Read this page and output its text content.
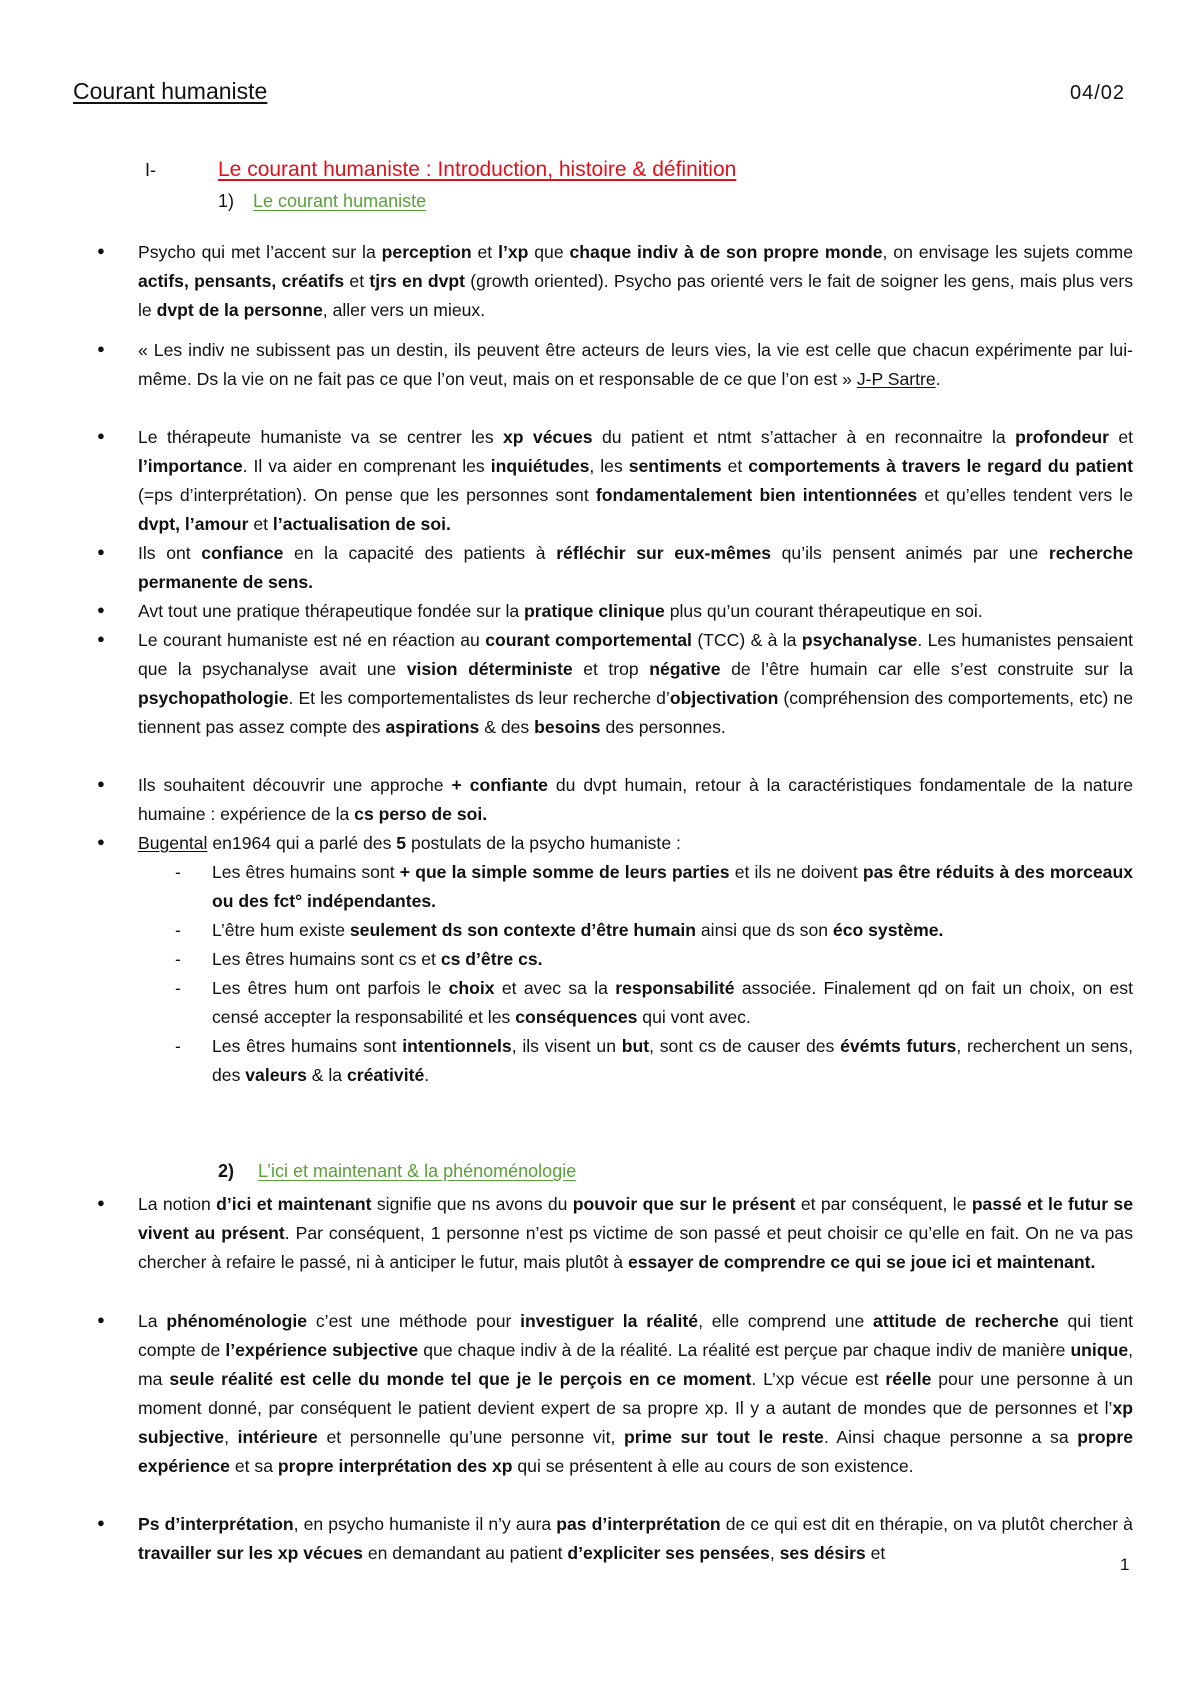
Courant humaniste	04/02
I-	Le courant humaniste : Introduction, histoire & définition
1) Le courant humaniste
●

Psycho qui met l’accent sur la perception et l’xp que chaque indiv à de son propre monde, on envisage les sujets comme actifs, pensants, créatifs et tjrs en dvpt (growth oriented). Psycho pas orienté vers le fait de soigner les gens, mais plus vers le dvpt de la personne, aller vers un mieux.

●

« Les indiv ne subissent pas un destin, ils peuvent être acteurs de leurs vies, la vie est celle que chacun expérimente par lui-même. Ds la vie on ne fait pas ce que l’on veut, mais on et responsable de ce que l’on est » J-P Sartre.

●

Le thérapeute humaniste va se centrer les xp vécues du patient et ntmt s’attacher à en reconnaitre la profondeur et l’importance. Il va aider en comprenant les inquiétudes, les sentiments et comportements à travers le regard du patient (=ps d’interprétation). On pense que les personnes sont fondamentalement bien intentionnées et qu’elles tendent vers le dvpt, l’amour et l’actualisation de soi.

●

Ils ont confiance en la capacité des patients à réfléchir sur eux-mêmes qu’ils pensent animés par une recherche permanente de sens.

●

Avt tout une pratique thérapeutique fondée sur la pratique clinique plus qu’un courant thérapeutique en soi.

●

Le courant humaniste est né en réaction au courant comportemental (TCC) & à la psychanalyse. Les humanistes pensaient que la psychanalyse avait une vision déterministe et trop négative de l’être humain car elle s’est construite sur la psychopathologie. Et les comportementalistes ds leur recherche d’objectivation (compréhension des comportements, etc) ne tiennent pas assez compte des aspirations & des besoins des personnes.

●

Ils souhaitent découvrir une approche + confiante du dvpt humain, retour à la caractéristiques fondamentale de la nature humaine : expérience de la cs perso de soi.

●

Bugental en1964 qui a parlé des 5 postulats de la psycho humaniste :

- Les êtres humains sont + que la simple somme de leurs parties et ils ne doivent pas être réduits à des morceaux ou des fct° indépendantes.

- L’être hum existe seulement ds son contexte d’être humain ainsi que ds son éco système.

- Les êtres humains sont cs et cs d’être cs.

- Les êtres hum ont parfois le choix et avec sa la responsabilité associée. Finalement qd on fait un choix, on est censé accepter la responsabilité et les conséquences qui vont avec.

- Les êtres humains sont intentionnels, ils visent un but, sont cs de causer des évémts futurs, recherchent un sens, des valeurs & la créativité.

2) L’ici et maintenant & la phénoménologie
●

La notion d’ici et maintenant signifie que ns avons du pouvoir que sur le présent et par conséquent, le passé et le futur se vivent au présent. Par conséquent, 1 personne n’est ps victime de son passé et peut choisir ce qu’elle en fait. On ne va pas chercher à refaire le passé, ni à anticiper le futur, mais plutôt à essayer de comprendre ce qui se joue ici et maintenant.

●

La phénoménologie c’est une méthode pour investiguer la réalité, elle comprend une attitude de recherche qui tient compte de l’expérience subjective que chaque indiv à de la réalité. La réalité est perçue par chaque indiv de manière unique, ma seule réalité est celle du monde tel que je le perçois en ce moment. L’xp vécue est réelle pour une personne à un moment donné, par conséquent le patient devient expert de sa propre xp. Il y a autant de mondes que de personnes et l’xp subjective, intérieure et personnelle qu’une personne vit, prime sur tout le reste. Ainsi chaque personne a sa propre expérience et sa propre interprétation des xp qui se présentent à elle au cours de son existence.

●

Ps d’interprétation, en psycho humaniste il n’y aura pas d’interprétation de ce qui est dit en thérapie, on va plutôt chercher à travailler sur les xp vécues en demandant au patient d’expliciter ses pensées, ses désirs et

1
